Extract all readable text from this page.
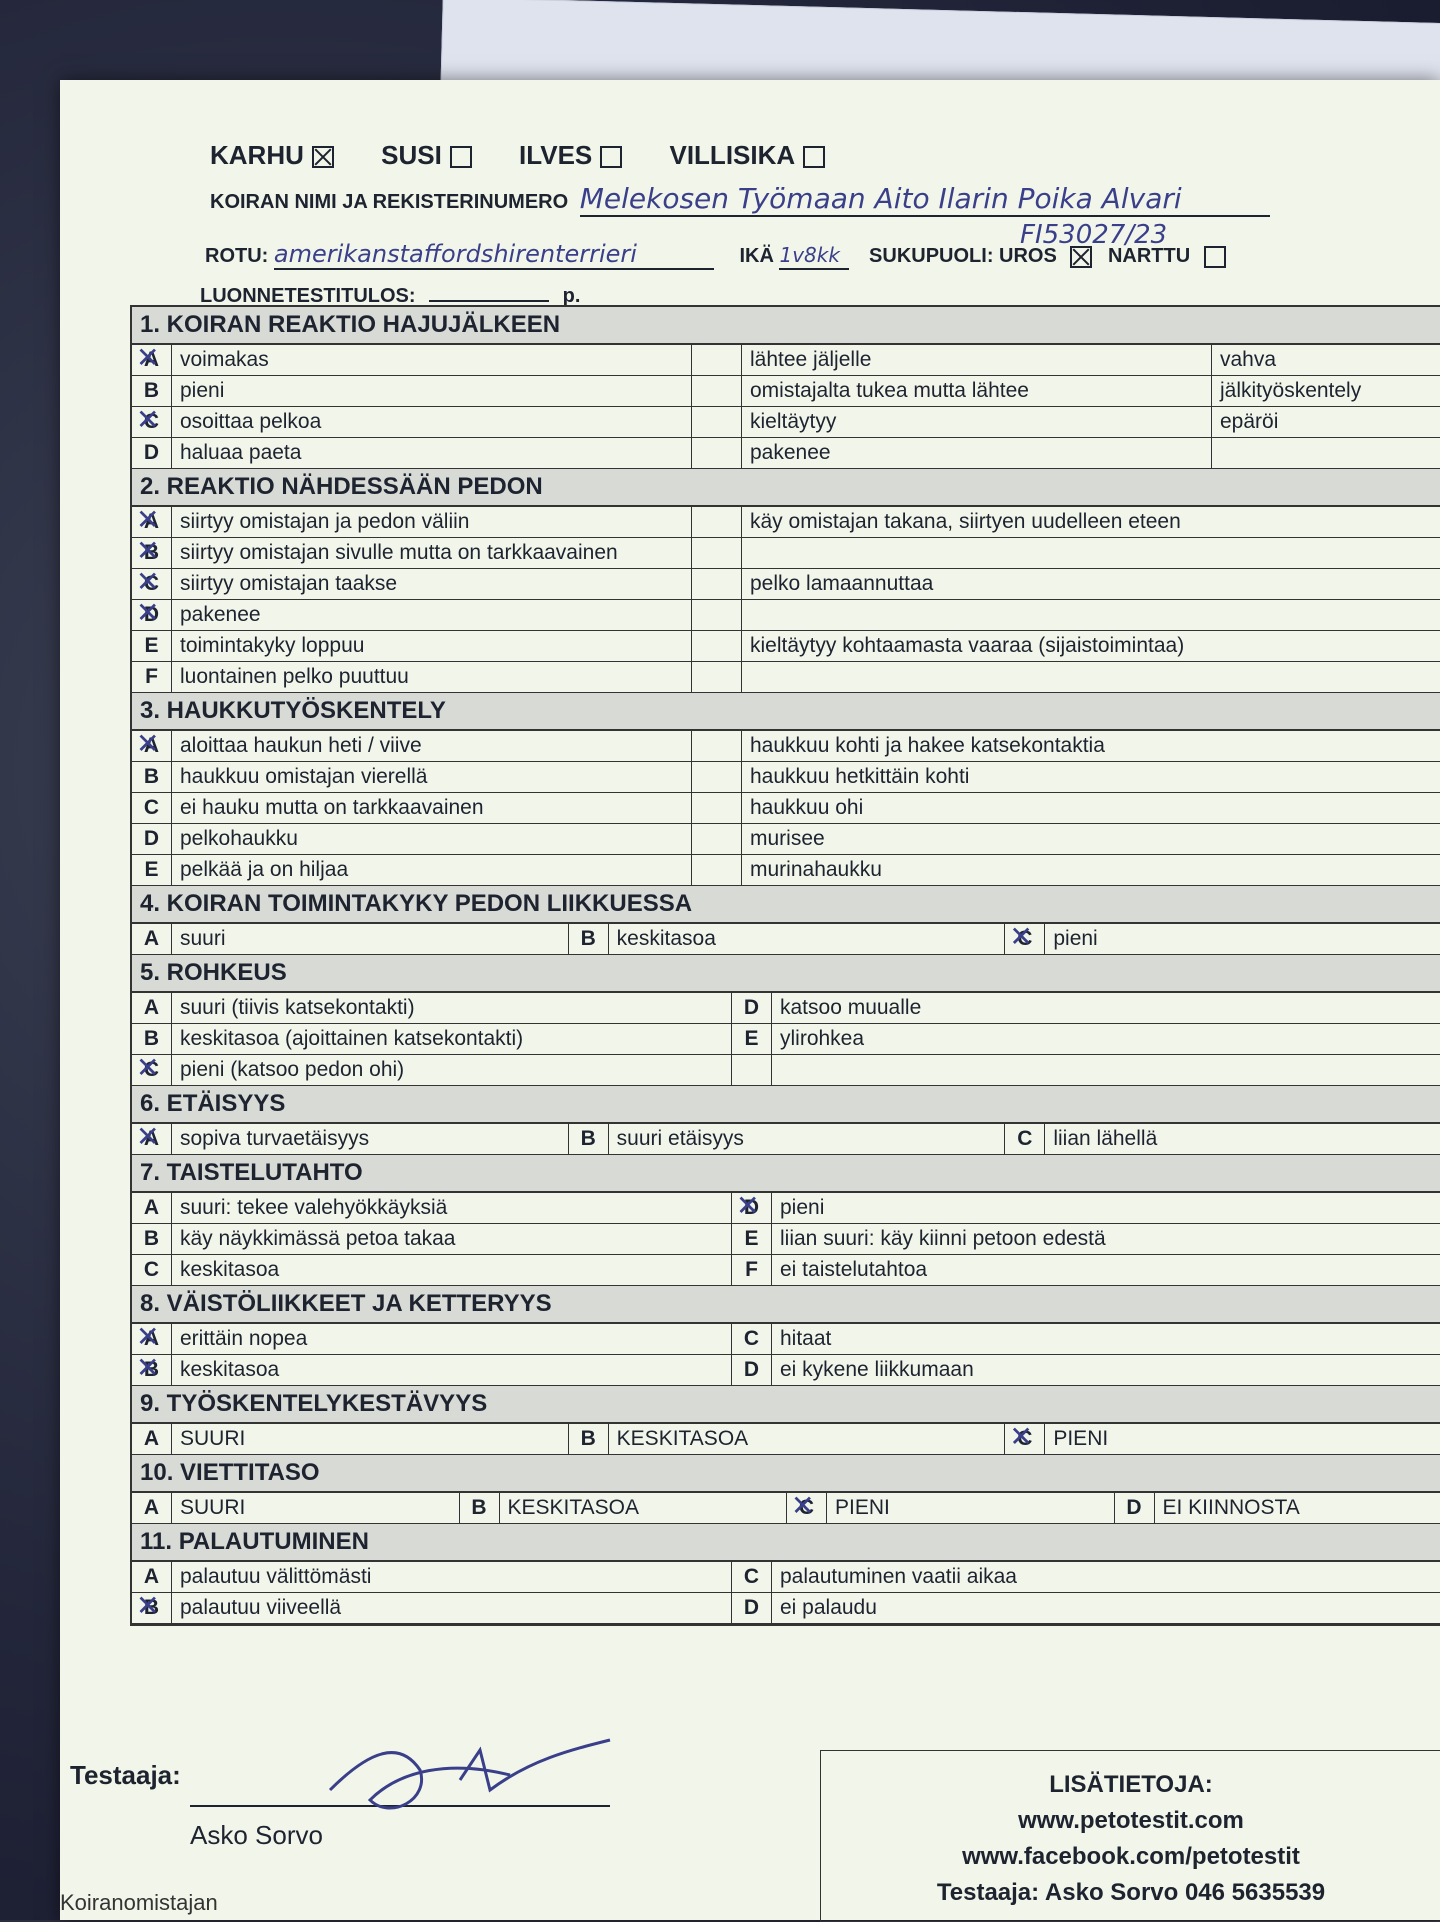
KARHU	SUSI	ILVES	VILLISIKA
KOIRAN NIMI JA REKISTERINUMERO Melekosen Työmaan Aito Ilarin Poika Alvari
FI53027/23
ROTU: amerikanstaffordshirenterrieri	IKÄ 1v8kk SUKUPUOLI: UROS	NARTTU
LUONNETESTITULOS:	p.
1. KOIRAN REAKTIO HAJUJÄLKEEN
A ✕ voimakas	lähtee jäljelle	vahva
B pieni	omistajalta tukea mutta lähtee	jälkityöskentely
C ✕ osoittaa pelkoa	kieltäytyy	epäröi
D haluaa paeta	pakenee
2. REAKTIO NÄHDESSÄÄN PEDON
A ✕ siirtyy omistajan ja pedon väliin	käy omistajan takana, siirtyen uudelleen eteen
B ✕ siirtyy omistajan sivulle mutta on tarkkaavainen
C ✕ siirtyy omistajan taakse	pelko lamaannuttaa
D ✕ pakenee
E	toimintakyky loppuu	kieltäytyy kohtaamasta vaaraa (sijaistoimintaa)
F	luontainen pelko puuttuu
3. HAUKKUTYÖSKENTELY
A ✕ aloittaa haukun heti / viive	haukkuu kohti ja hakee katsekontaktia
B haukkuu omistajan vierellä	haukkuu hetkittäin kohti
C ei hauku mutta on tarkkaavainen	haukkuu ohi
D pelkohaukku	murisee
E	pelkää ja on hiljaa	murinahaukku
4. KOIRAN TOIMINTAKYKY PEDON LIIKKUESSA
A suuri	B keskitasoa	C ✕ pieni
5. ROHKEUS
A suuri (tiivis katsekontakti)	D katsoo muualle
B keskitasoa (ajoittainen katsekontakti)	E	ylirohkea
C ✕ pieni (katsoo pedon ohi)
6. ETÄISYYS
A ✕ sopiva turvaetäisyys	B suuri etäisyys	C liian lähellä
7. TAISTELUTAHTO
A suuri: tekee valehyökkäyksiä	D ✕ pieni
B käy näykkimässä petoa takaa	E	liian suuri: käy kiinni petoon edestä
C keskitasoa	F	ei taistelutahtoa
8. VÄISTÖLIIKKEET JA KETTERYYS
A ✕ erittäin nopea	C hitaat
B ✕ keskitasoa	D ei kykene liikkumaan
9. TYÖSKENTELYKESTÄVYYS
A SUURI	B KESKITASOA	C ✕ PIENI
10. VIETTITASO
A SUURI	B KESKITASOA	C ✕ PIENI	D EI KIINNOSTA
11. PALAUTUMINEN
A palautuu välittömästi	C palautuminen vaatii aikaa
B ✕ palautuu viiveellä	D ei palaudu
Testaaja:
Asko Sorvo
LISÄTIETOJA:
www.petotestit.com
www.facebook.com/petotestit
Testaaja: Asko Sorvo 046 5635539
Koiranomistajan
